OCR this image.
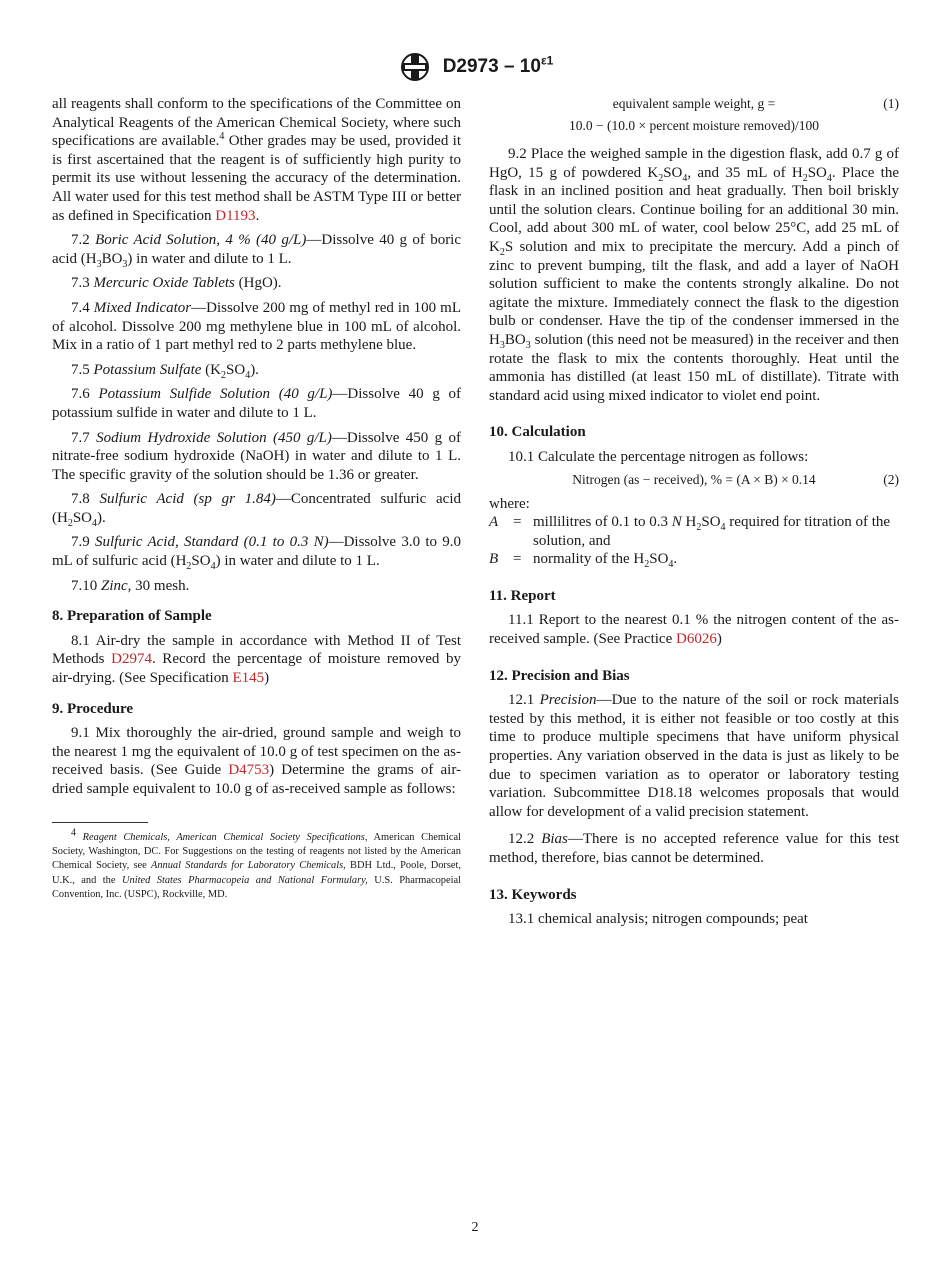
$D2973 - 10^{\varepsilon 1}$

all reagents shall conform to the specifications of the Committee on Analytical Reagents of the American Chemical Society, where such specifications are available.$^4$ Other grades may be used, provided it is first ascertained that the reagent is of sufficiently high purity to permit its use without lessening the accuracy of the determination. All water used for this test method shall be ASTM Type III or better as defined in Specification D1193.

7.2 Boric Acid Solution, 4 % (40 g/L)—Dissolve 40 g of boric acid $(H_3BO_3)$ in water and dilute to 1 L.

7.3 Mercuric Oxide Tablets (HgO).

7.4 Mixed Indicator—Dissolve 200 mg of methyl red in 100 mL of alcohol. Dissolve 200 mg methylene blue in 100 mL of alcohol. Mix in a ratio of 1 part methyl red to 2 parts methylene blue.

7.5 Potassium Sulfate $(K_2SO_4)$.

7.6 Potassium Sulfide Solution (40 g/L)—Dissolve 40 g of potassium sulfide in water and dilute to 1 L.

7.7 Sodium Hydroxide Solution (450 g/L)—Dissolve 450 g of nitrate-free sodium hydroxide (NaOH) in water and dilute to 1 L. The specific gravity of the solution should be 1.36 or greater.

7.8 Sulfuric Acid (sp gr 1.84)—Concentrated sulfuric acid $(H_2SO_4)$.

7.9 Sulfuric Acid, Standard (0.1 to 0.3 N)—Dissolve 3.0 to 9.0 mL of sulfuric acid $(H_2SO_4)$ in water and dilute to 1 L.

7.10 Zinc, 30 mesh.

8. Preparation of Sample

8.1 Air-dry the sample in accordance with Method II of Test Methods D2974. Record the percentage of moisture removed by air-drying. (See Specification E145)

9. Procedure

9.1 Mix thoroughly the air-dried, ground sample and weigh to the nearest 1 mg the equivalent of 10.0 g of test specimen on the as-received basis. (See Guide D4753) Determine the grams of air-dried sample equivalent to 10.0 g of as-received sample as follows:

$^4$ Reagent Chemicals, American Chemical Society Specifications, American Chemical Society, Washington, DC. For Suggestions on the testing of reagents not listed by the American Chemical Society, see Annual Standards for Laboratory Chemicals, BDH Ltd., Poole, Dorset, U.K., and the United States Pharmacopeia and National Formulary, U.S. Pharmacopeial Convention, Inc. (USPC), Rockville, MD.

equivalent sample weight, g =	(1)
10.0 − (10.0 × percent moisture removed)/100

9.2 Place the weighed sample in the digestion flask, add 0.7 g of HgO, 15 g of powdered $K_2SO_4$, and 35 mL of $H_2SO_4$. Place the flask in an inclined position and heat gradually. Then boil briskly until the solution clears. Continue boiling for an additional 30 min. Cool, add about 300 mL of water, cool below 25°C, add 25 mL of $K_2S$ solution and mix to precipitate the mercury. Add a pinch of zinc to prevent bumping, tilt the flask, and add a layer of NaOH solution sufficient to make the contents strongly alkaline. Do not agitate the mixture. Immediately connect the flask to the digestion bulb or condenser. Have the tip of the condenser immersed in the $H_3BO_3$ solution (this need not be measured) in the receiver and then rotate the flask to mix the contents thoroughly. Heat until the ammonia has distilled (at least 150 mL of distillate). Titrate with standard acid using mixed indicator to violet end point.

10. Calculation

10.1 Calculate the percentage nitrogen as follows:

Nitrogen (as − received), % = (A × B) × 0.14	(2)

where:

A = millilitres of 0.1 to 0.3 N $H_2SO_4$ required for titration of the solution, and
B = normality of the $H_2SO_4$.
11. Report

11.1 Report to the nearest 0.1 % the nitrogen content of the as-received sample. (See Practice D6026)

12. Precision and Bias

12.1 Precision—Due to the nature of the soil or rock materials tested by this method, it is either not feasible or too costly at this time to produce multiple specimens that have uniform physical properties. Any variation observed in the data is just as likely to be due to specimen variation as to operator or laboratory testing variation. Subcommittee D18.18 welcomes proposals that would allow for development of a valid precision statement.

12.2 Bias—There is no accepted reference value for this test method, therefore, bias cannot be determined.

13. Keywords

13.1 chemical analysis; nitrogen compounds; peat

2
